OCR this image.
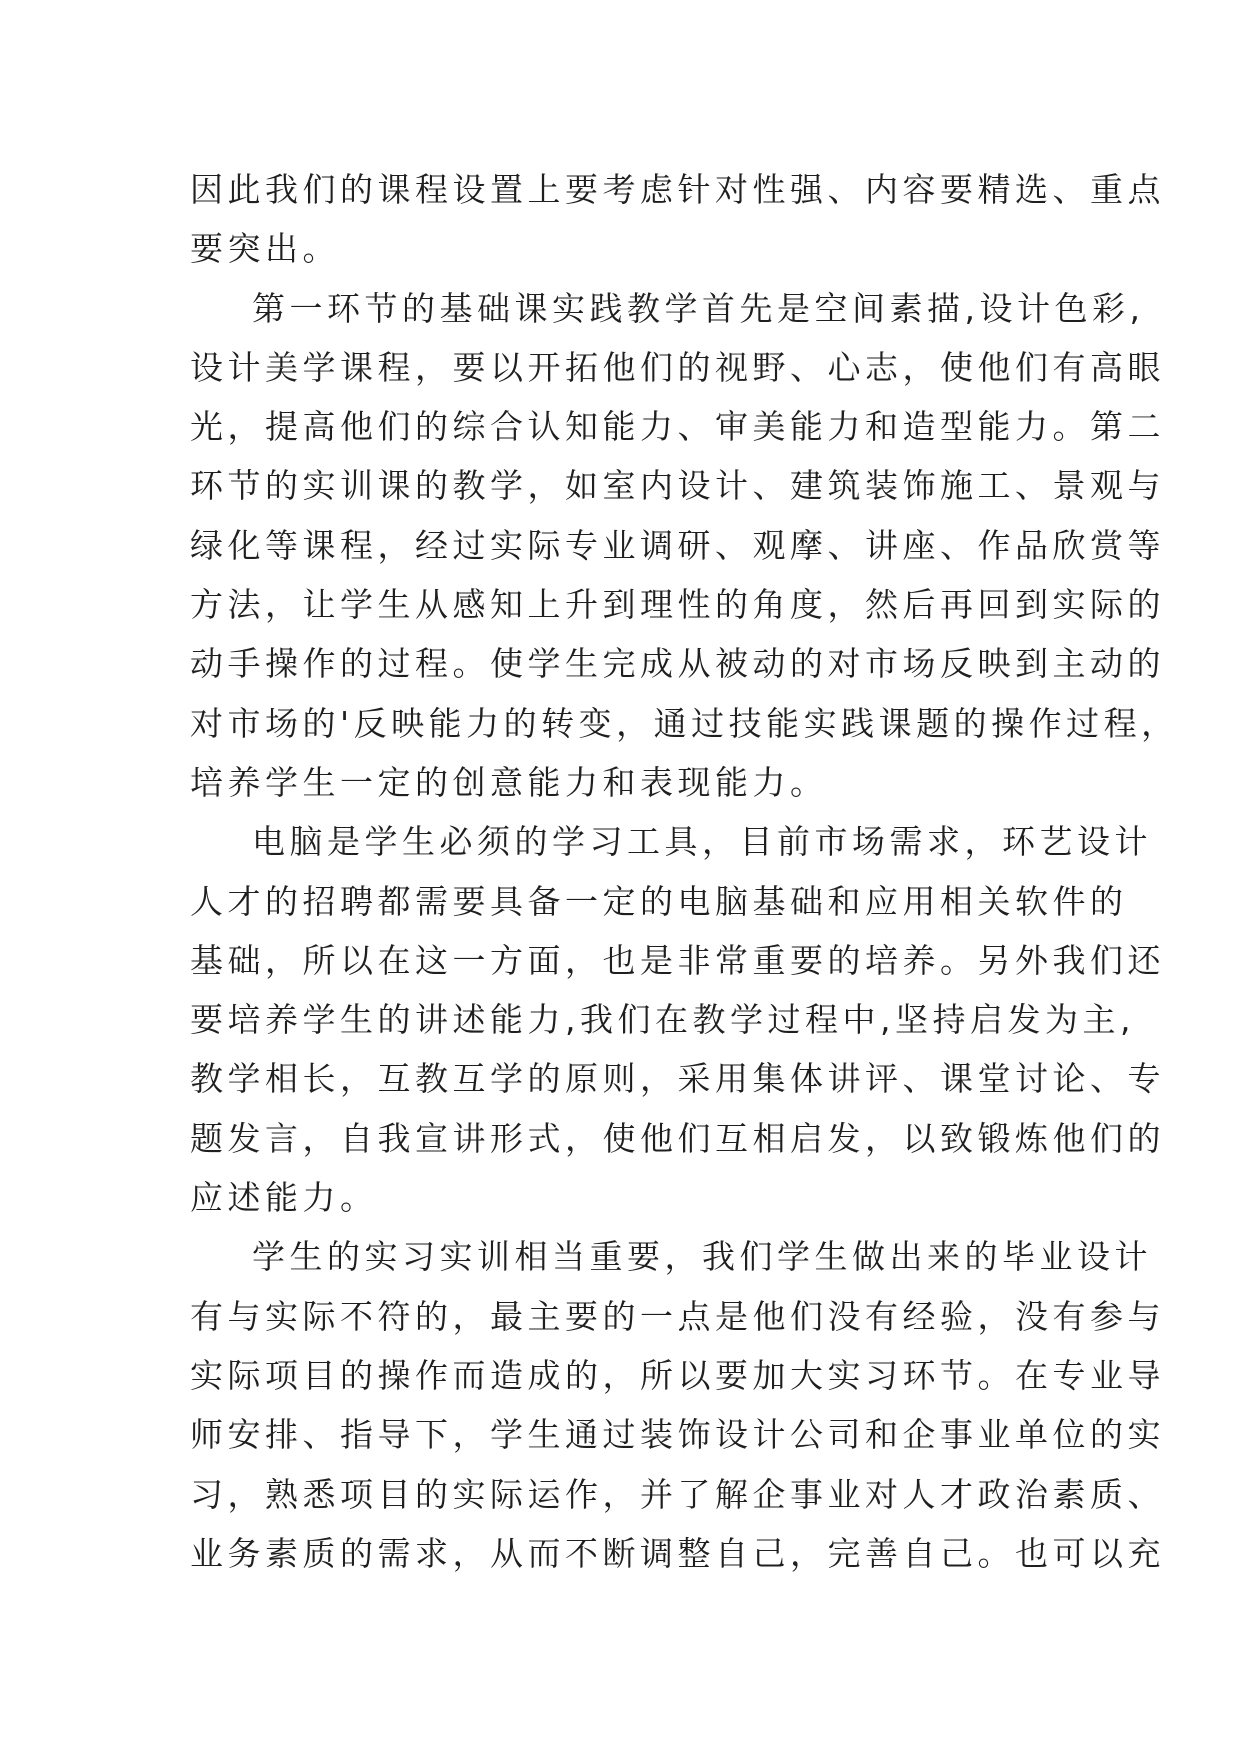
因此我们的课程设置上要考虑针对性强、内容要精选、重点
要突出。
第一环节的基础课实践教学首先是空间素描,设计色彩,
设计美学课程，要以开拓他们的视野、心志，使他们有高眼
光，提高他们的综合认知能力、审美能力和造型能力。第二
环节的实训课的教学，如室内设计、建筑装饰施工、景观与
绿化等课程，经过实际专业调研、观摩、讲座、作品欣赏等
方法，让学生从感知上升到理性的角度，然后再回到实际的
动手操作的过程。使学生完成从被动的对市场反映到主动的
对市场的'反映能力的转变，通过技能实践课题的操作过程，
培养学生一定的创意能力和表现能力。
电脑是学生必须的学习工具，目前市场需求，环艺设计
人才的招聘都需要具备一定的电脑基础和应用相关软件的
基础，所以在这一方面，也是非常重要的培养。另外我们还
要培养学生的讲述能力,我们在教学过程中,坚持启发为主,
教学相长，互教互学的原则，采用集体讲评、课堂讨论、专
题发言，自我宣讲形式，使他们互相启发，以致锻炼他们的
应述能力。
学生的实习实训相当重要，我们学生做出来的毕业设计
有与实际不符的，最主要的一点是他们没有经验，没有参与
实际项目的操作而造成的，所以要加大实习环节。在专业导
师安排、指导下，学生通过装饰设计公司和企事业单位的实
习，熟悉项目的实际运作，并了解企事业对人才政治素质、
业务素质的需求，从而不断调整自己，完善自己。也可以充
